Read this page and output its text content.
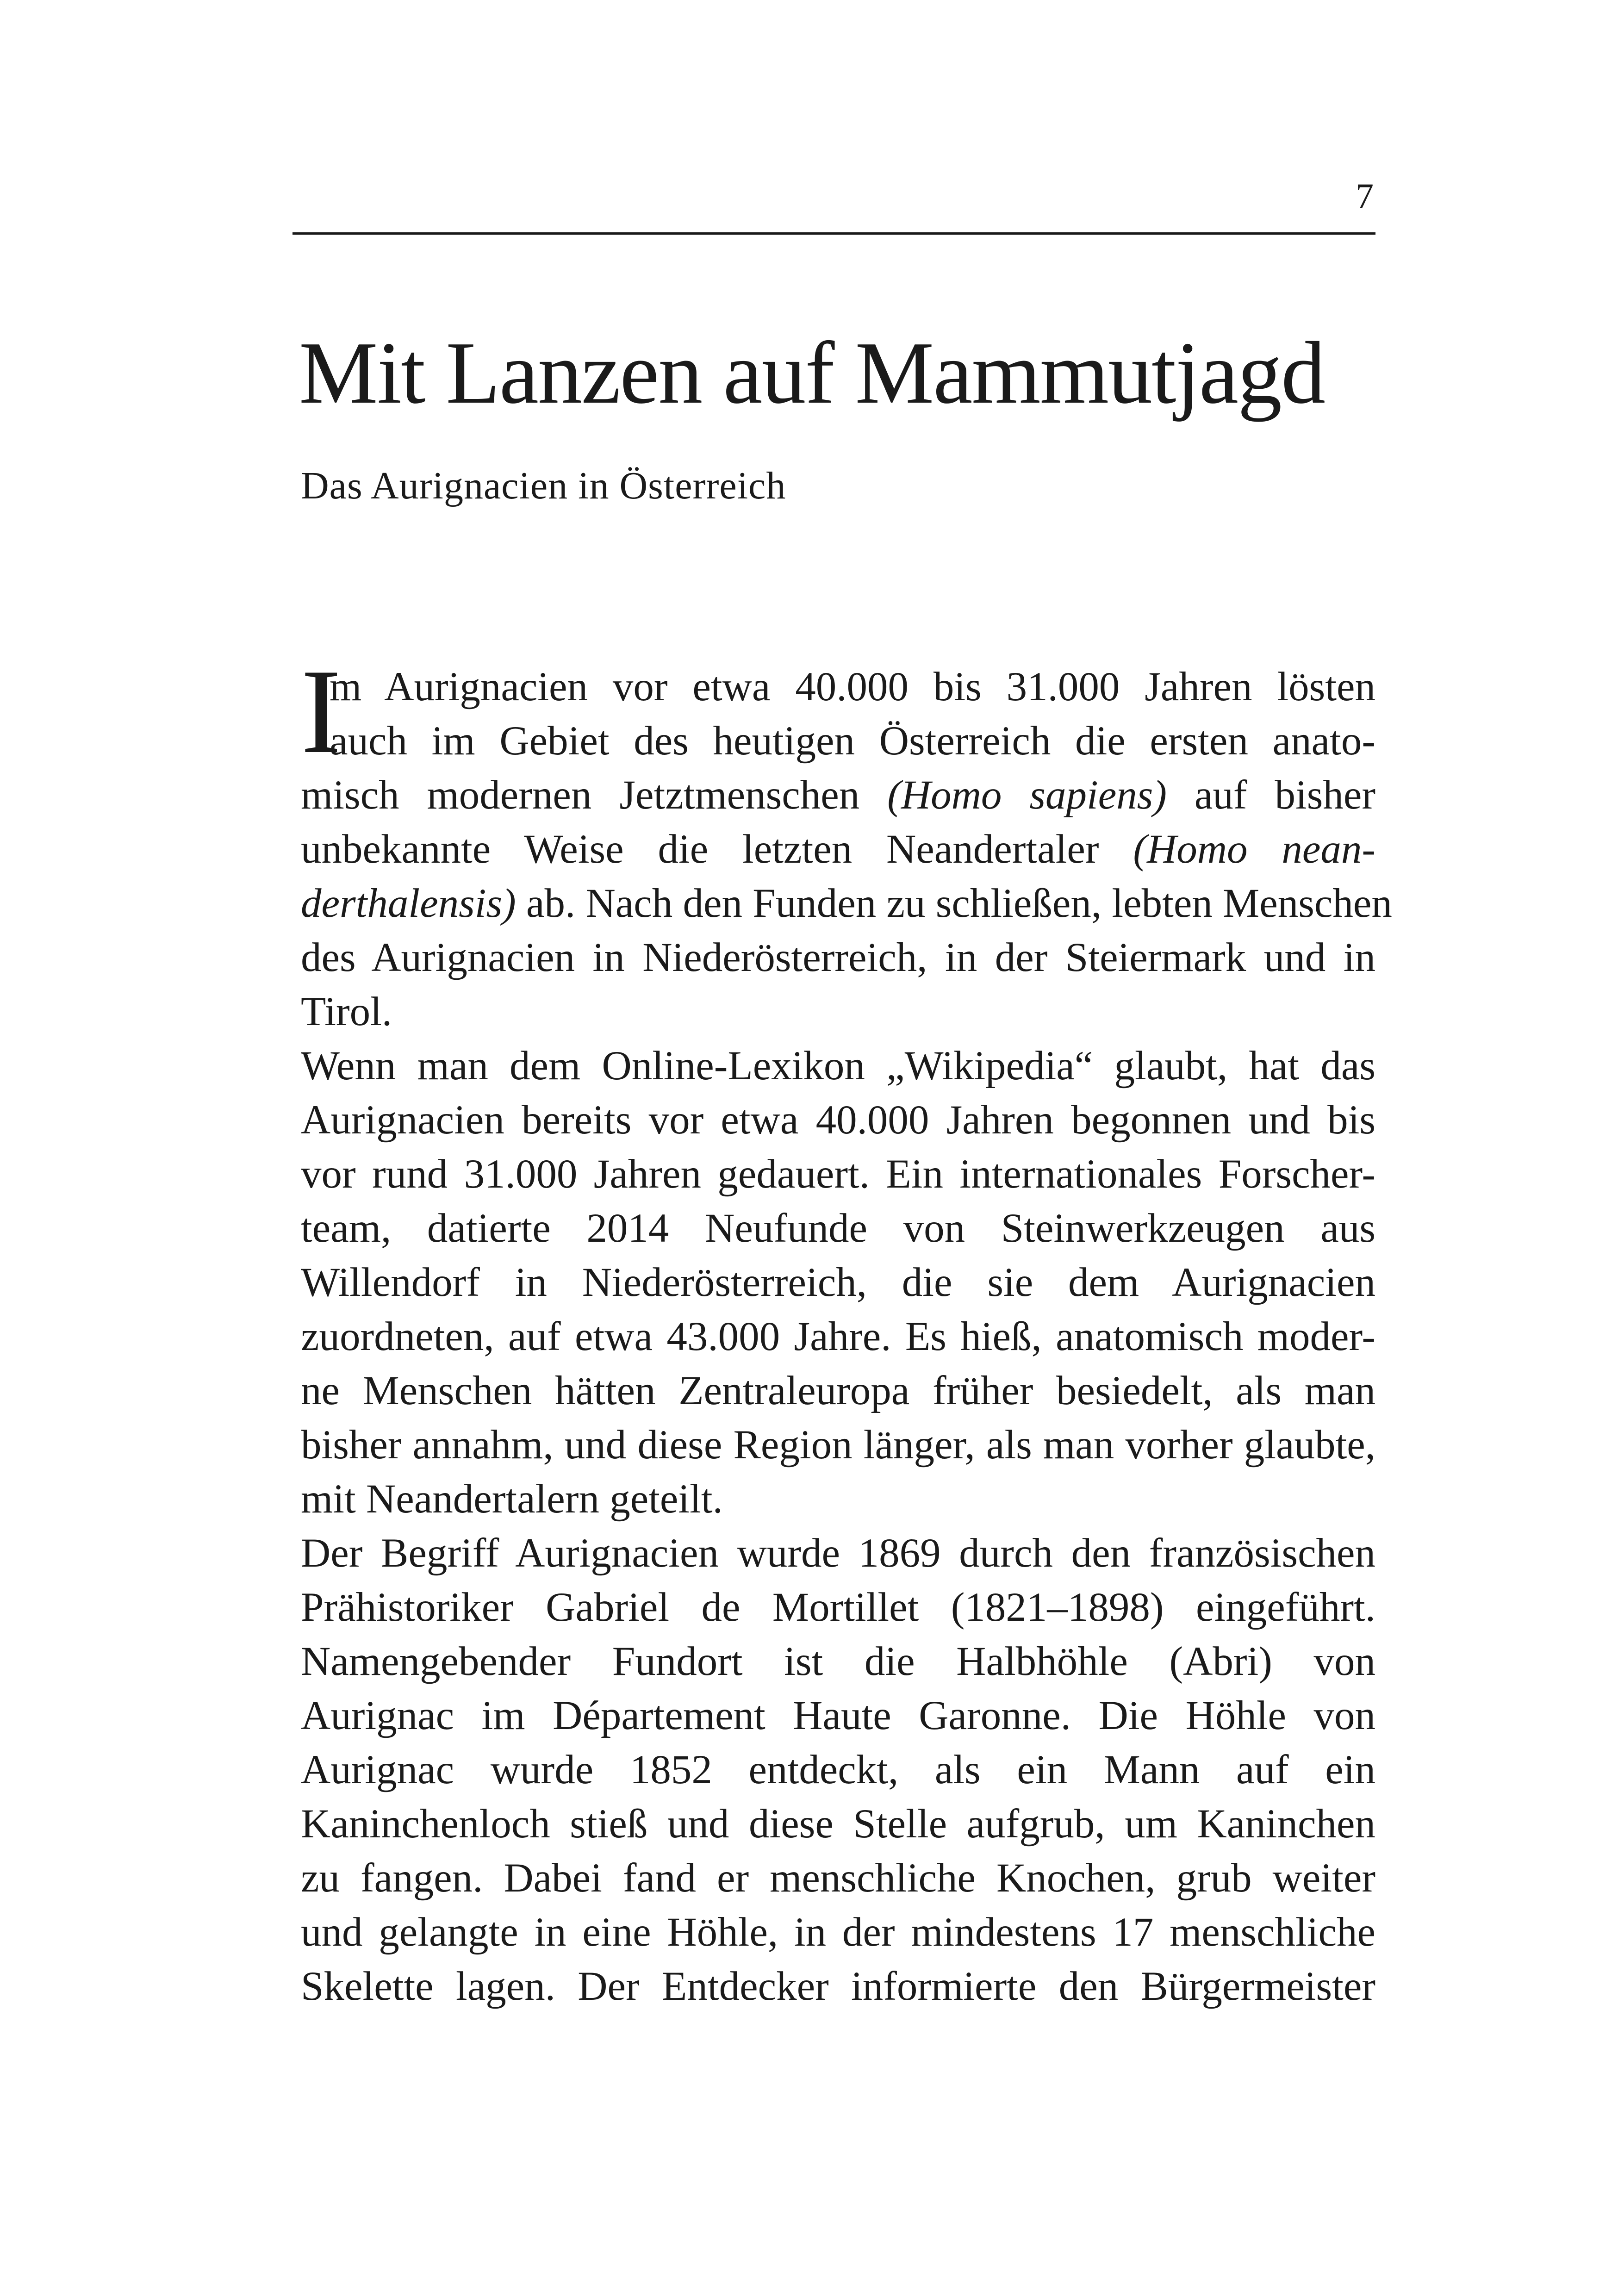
7
Mit Lanzen auf Mammutjagd
Das Aurignacien in Österreich
I
m Aurignacien vor etwa 40.000 bis 31.000 Jahren lösten
auch im Gebiet des heutigen Österreich die ersten anato-
misch modernen Jetztmenschen (Homo sapiens) auf bisher
unbekannte Weise die letzten Neandertaler (Homo nean-
derthalensis) ab. Nach den Funden zu schließen, lebten Menschen
des Aurignacien in Niederösterreich, in der Steiermark und in
Tirol.
Wenn man dem Online-Lexikon „Wikipedia“ glaubt, hat das
Aurignacien bereits vor etwa 40.000 Jahren begonnen und bis
vor rund 31.000 Jahren gedauert. Ein internationales Forscher-
team, datierte 2014 Neufunde von Steinwerkzeugen aus
Willendorf in Niederösterreich, die sie dem Aurignacien
zuordneten, auf etwa 43.000 Jahre. Es hieß, anatomisch moder-
ne Menschen hätten Zentraleuropa früher besiedelt, als man
bisher annahm, und diese Region länger, als man vorher glaubte,
mit Neandertalern geteilt.
Der Begriff Aurignacien wurde 1869 durch den französischen
Prähistoriker Gabriel de Mortillet (1821–1898) eingeführt.
Namengebender Fundort ist die Halbhöhle (Abri) von
Aurignac im Département Haute Garonne. Die Höhle von
Aurignac wurde 1852 entdeckt, als ein Mann auf ein
Kaninchenloch stieß und diese Stelle aufgrub, um Kaninchen
zu fangen. Dabei fand er menschliche Knochen, grub weiter
und gelangte in eine Höhle, in der mindestens 17 menschliche
Skelette lagen. Der Entdecker informierte den Bürgermeister
